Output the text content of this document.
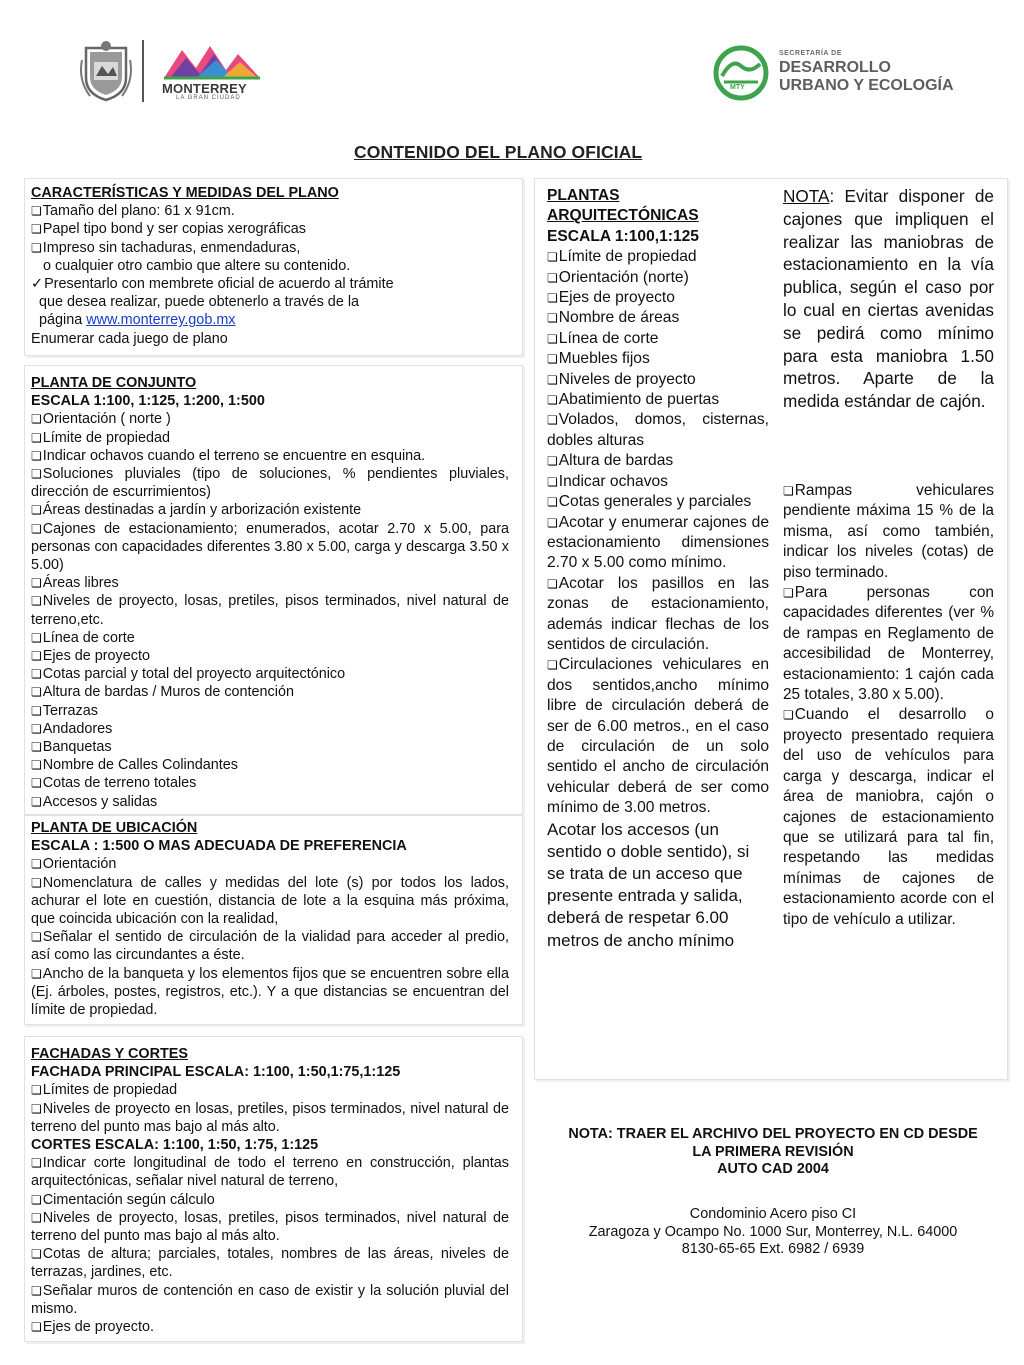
MONTERREY
LA GRAN CIUDAD
MTY
SECRETARÍA DE
DESARROLLO
URBANO Y ECOLOGÍA
CONTENIDO DEL PLANO OFICIAL
CARACTERÍSTICAS Y MEDIDAS DEL PLANO
❏ Tamaño del plano: 61 x 91cm.
❏ Papel tipo bond y ser copias xerográficas
❏ Impreso sin tachaduras, enmendaduras,
o cualquier otro cambio que altere su contenido.
✓ Presentarlo con membrete oficial de acuerdo al trámite
que desea realizar, puede obtenerlo a través de la
página www.monterrey.gob.mx
Enumerar cada juego de plano
PLANTA DE CONJUNTO
ESCALA 1:100, 1:125, 1:200, 1:500
❏ Orientación ( norte )
❏ Límite de propiedad
❏ Indicar ochavos cuando el terreno se encuentre en esquina.
❏ Soluciones pluviales (tipo de soluciones, % pendientes pluviales, dirección de escurrimientos)
❏ Áreas destinadas a jardín y arborización existente
❏ Cajones de estacionamiento; enumerados, acotar 2.70 x 5.00, para personas con capacidades diferentes 3.80 x 5.00, carga y descarga 3.50 x 5.00)
❏ Áreas libres
❏ Niveles de proyecto, losas, pretiles, pisos terminados, nivel natural de terreno,etc.
❏ Línea de corte
❏ Ejes de proyecto
❏ Cotas parcial y total del proyecto arquitectónico
❏ Altura de bardas / Muros de contención
❏ Terrazas
❏ Andadores
❏ Banquetas
❏ Nombre de Calles Colindantes
❏ Cotas de terreno totales
❏ Accesos y salidas
PLANTA DE UBICACIÓN
ESCALA : 1:500 O MAS ADECUADA DE PREFERENCIA
❏ Orientación
❏ Nomenclatura de calles y medidas del lote (s) por todos los lados, achurar el lote en cuestión, distancia de lote a la esquina más próxima, que coincida ubicación con la realidad,
❏ Señalar el sentido de circulación de la vialidad para acceder al predio, así como las circundantes a éste.
❏ Ancho de la banqueta y los elementos fijos que se encuentren sobre ella (Ej. árboles, postes, registros, etc.). Y a que distancias se encuentran del límite de propiedad.
FACHADAS Y CORTES
FACHADA PRINCIPAL ESCALA: 1:100, 1:50,1:75,1:125
❏ Límites de propiedad
❏ Niveles de proyecto en losas, pretiles, pisos terminados, nivel natural de terreno del punto mas bajo al más alto.
CORTES ESCALA: 1:100, 1:50, 1:75, 1:125
❏ Indicar corte longitudinal de todo el terreno en construcción, plantas arquitectónicas, señalar nivel natural de terreno,
❏ Cimentación según cálculo
❏ Niveles de proyecto, losas, pretiles, pisos terminados, nivel natural de terreno del punto mas bajo al más alto.
❏ Cotas de altura; parciales, totales, nombres de las áreas, niveles de terrazas, jardines, etc.
❏ Señalar muros de contención en caso de existir y la solución pluvial del mismo.
❏ Ejes de proyecto.
PLANTAS ARQUITECTÓNICAS
ESCALA 1:100,1:125
❏ Límite de propiedad
❏ Orientación (norte)
❏ Ejes de proyecto
❏ Nombre de áreas
❏ Línea de corte
❏ Muebles fijos
❏ Niveles de proyecto
❏ Abatimiento de puertas
❏ Volados, domos, cisternas, dobles alturas
❏ Altura de bardas
❏ Indicar ochavos
❏ Cotas generales y parciales
❏ Acotar y enumerar cajones de estacionamiento dimensiones 2.70 x 5.00 como mínimo.
❏ Acotar los pasillos en las zonas de estacionamiento, además indicar flechas de los sentidos de circulación.
❏ Circulaciones vehiculares en dos sentidos,ancho mínimo libre de circulación deberá de ser de 6.00 metros., en el caso de circulación de un solo sentido el ancho de circulación vehicular deberá de ser como mínimo de 3.00 metros.
Acotar los accesos (un sentido o doble sentido), si se trata de un acceso que presente entrada y salida, deberá de respetar 6.00 metros de ancho mínimo
NOTA: Evitar disponer de cajones que impliquen el realizar las maniobras de estacionamiento en la vía publica, según el caso por lo cual en ciertas avenidas se pedirá como mínimo para esta maniobra 1.50 metros. Aparte de la medida estándar de cajón.
❏ Rampas vehiculares pendiente máxima 15 % de la misma, así como también, indicar los niveles (cotas) de piso terminado.
❏ Para personas con capacidades diferentes (ver % de rampas en Reglamento de accesibilidad de Monterrey, estacionamiento: 1 cajón cada 25 totales, 3.80 x 5.00).
❏ Cuando el desarrollo o proyecto presentado requiera del uso de vehículos para carga y descarga, indicar el área de maniobra, cajón o cajones de estacionamiento que se utilizará para tal fin, respetando las medidas mínimas de cajones de estacionamiento acorde con el tipo de vehículo a utilizar.
NOTA: TRAER EL ARCHIVO DEL PROYECTO EN CD DESDE
LA PRIMERA REVISIÓN
AUTO CAD 2004
Condominio Acero piso CI
Zaragoza y Ocampo No. 1000 Sur, Monterrey, N.L. 64000
8130-65-65 Ext. 6982 / 6939
